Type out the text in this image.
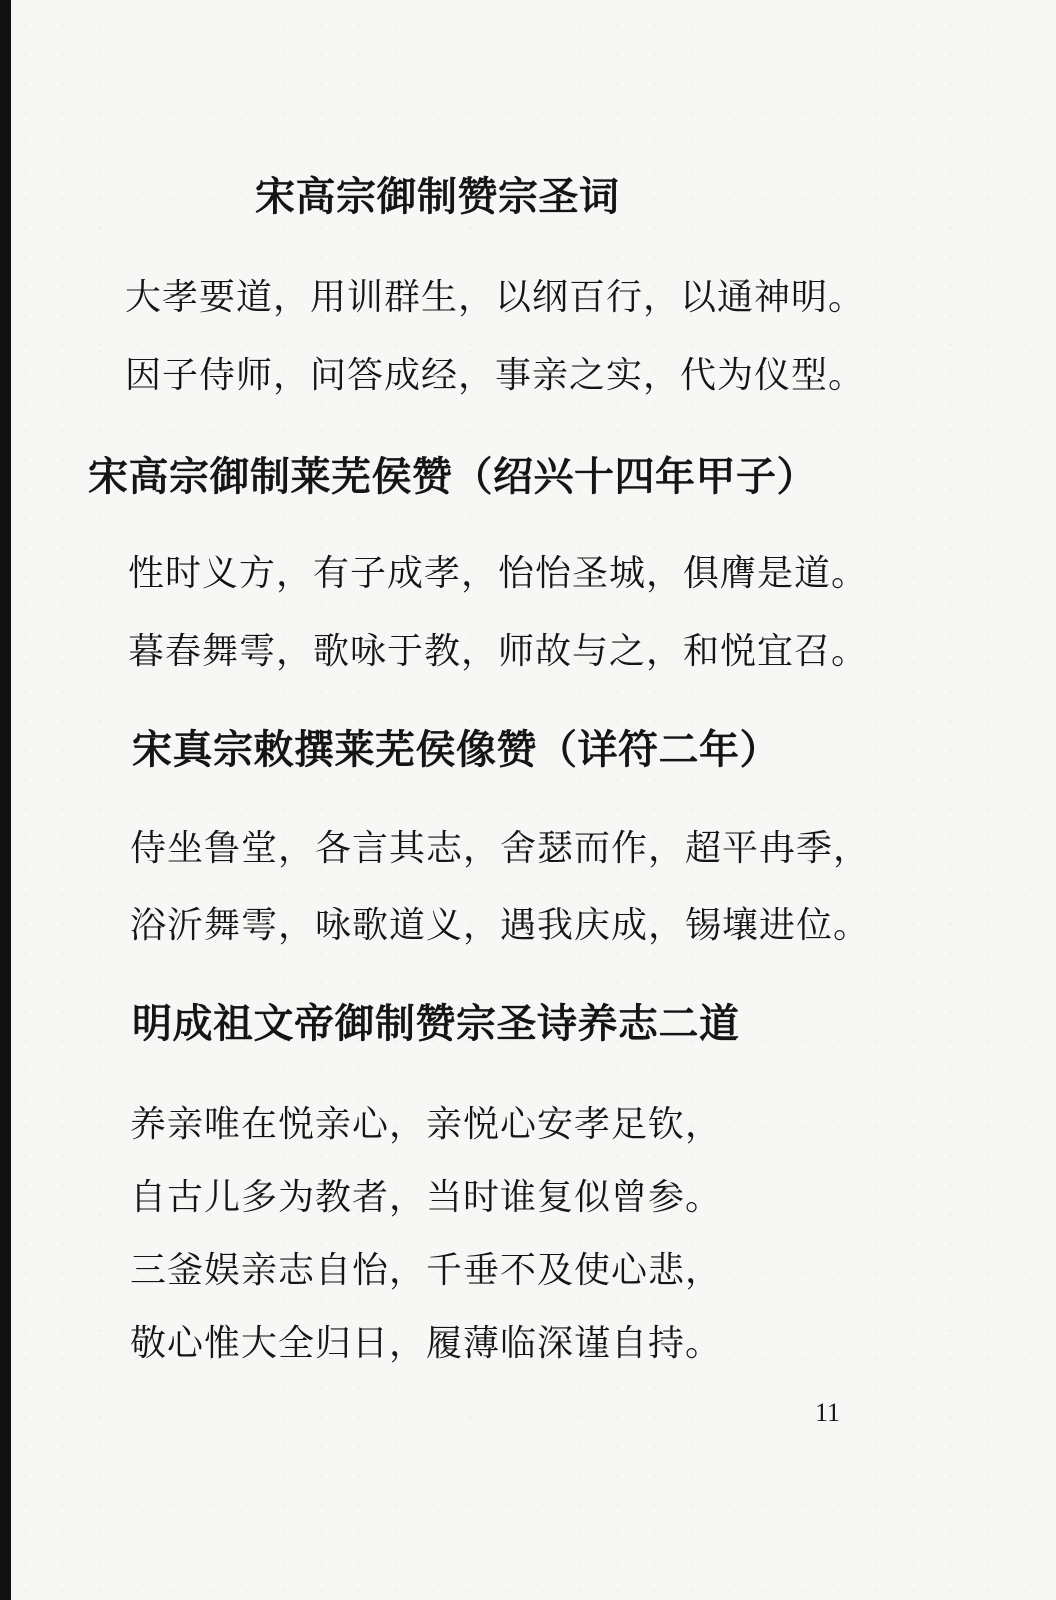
宋高宗御制赞宗圣词

大孝要道，用训群生，以纲百行，以通神明。

因子侍师，问答成经，事亲之实，代为仪型。

宋高宗御制莱芜侯赞（绍兴十四年甲子）

性时义方，有子成孝，怡怡圣城，俱膺是道。

暮春舞雩，歌咏于教，师故与之，和悦宜召。

宋真宗敕撰莱芜侯像赞（详符二年）

侍坐鲁堂，各言其志，舍瑟而作，超平冉季，

浴沂舞雩，咏歌道义，遇我庆成，锡壤进位。

明成祖文帝御制赞宗圣诗养志二道

养亲唯在悦亲心，亲悦心安孝足钦，

自古儿多为教者，当时谁复似曾参。

三釜娱亲志自怡，千垂不及使心悲，

敬心惟大全归日，履薄临深谨自持。

11
